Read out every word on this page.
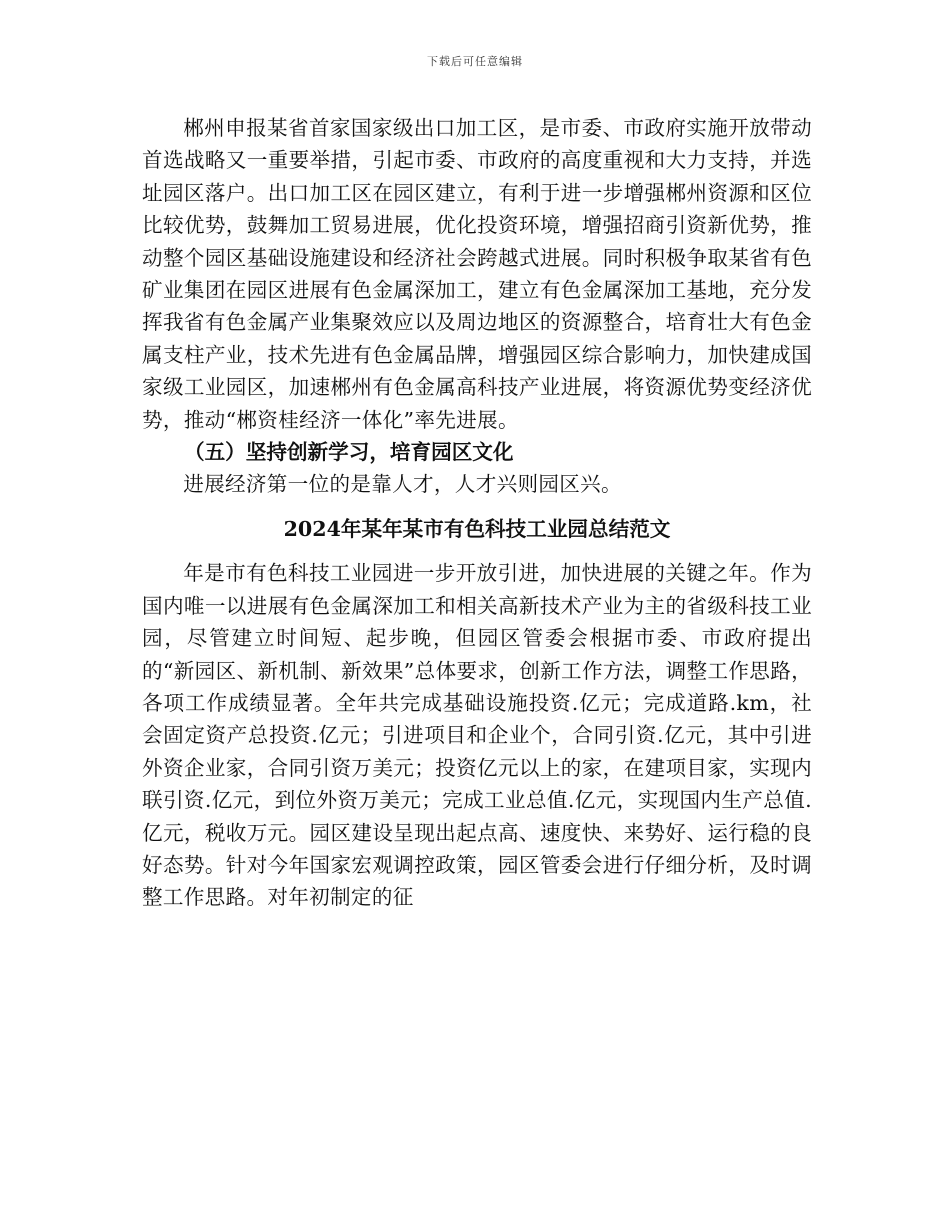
下载后可任意编辑

郴州申报某省首家国家级出口加工区，是市委、市政府实施开放带动首选战略又一重要举措，引起市委、市政府的高度重视和大力支持，并选址园区落户。出口加工区在园区建立，有利于进一步增强郴州资源和区位比较优势，鼓舞加工贸易进展，优化投资环境，增强招商引资新优势，推动整个园区基础设施建设和经济社会跨越式进展。同时积极争取某省有色矿业集团在园区进展有色金属深加工，建立有色金属深加工基地，充分发挥我省有色金属产业集聚效应以及周边地区的资源整合，培育壮大有色金属支柱产业，技术先进有色金属品牌，增强园区综合影响力，加快建成国家级工业园区，加速郴州有色金属高科技产业进展，将资源优势变经济优势，推动“郴资桂经济一体化”率先进展。

（五）坚持创新学习，培育园区文化

进展经济第一位的是靠人才，人才兴则园区兴。

2024年某年某市有色科技工业园总结范文

年是市有色科技工业园进一步开放引进，加快进展的关键之年。作为国内唯一以进展有色金属深加工和相关高新技术产业为主的省级科技工业园，尽管建立时间短、起步晚，但园区管委会根据市委、市政府提出的“新园区、新机制、新效果”总体要求，创新工作方法，调整工作思路，各项工作成绩显著。全年共完成基础设施投资.亿元；完成道路.km，社会固定资产总投资.亿元；引进项目和企业个，合同引资.亿元，其中引进外资企业家，合同引资万美元；投资亿元以上的家，在建项目家，实现内联引资.亿元，到位外资万美元；完成工业总值.亿元，实现国内生产总值.亿元，税收万元。园区建设呈现出起点高、速度快、来势好、运行稳的良好态势。针对今年国家宏观调控政策，园区管委会进行仔细分析，及时调整工作思路。对年初制定的征
